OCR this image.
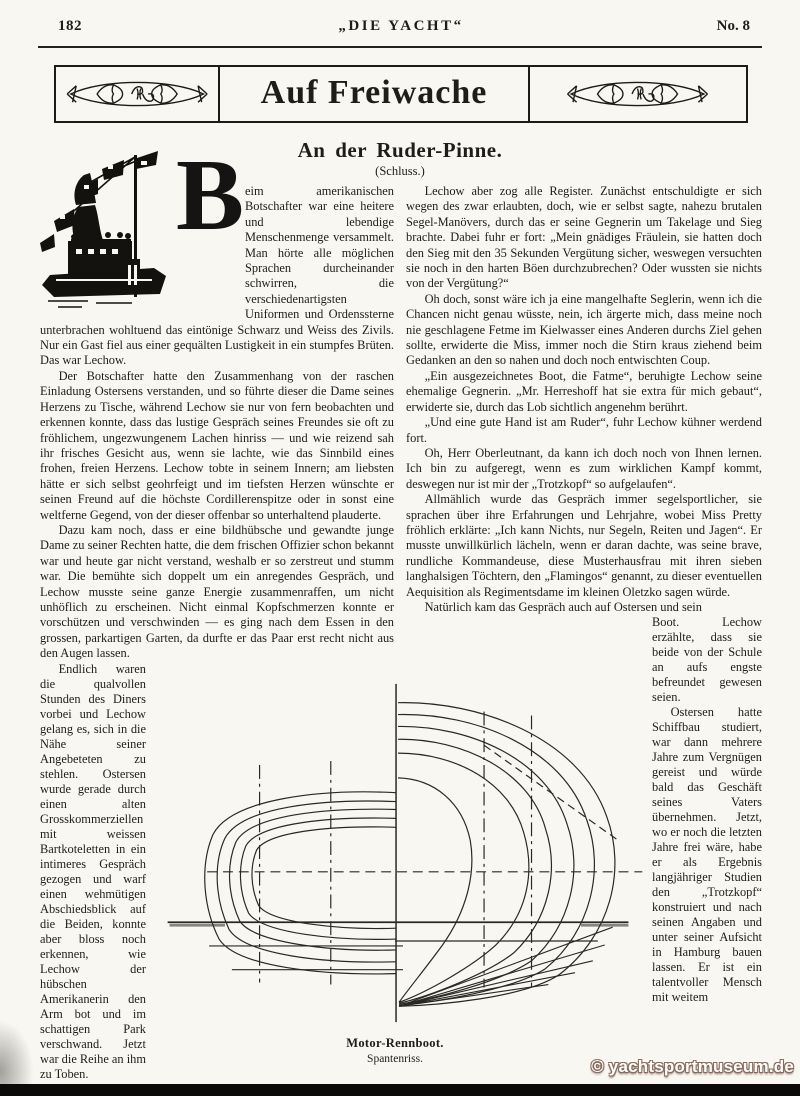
182	„DIE YACHT“	No. 8
Auf Freiwache
An der Ruder-Pinne.
(Schluss.)
B eim amerikanischen Botschafter war eine heitere und lebendige Menschenmenge versammelt. Man hörte alle möglichen Sprachen durcheinander schwirren, die verschiedenartigsten Uniformen und Ordenssterne unterbrachen wohltuend das eintönige Schwarz und Weiss des Zivils. Nur ein Gast fiel aus einer gequälten Lustigkeit in ein stumpfes Brüten. Das war Lechow.

Der Botschafter hatte den Zusammenhang von der raschen Einladung Ostersens verstanden, und so führte dieser die Dame seines Herzens zu Tische, während Lechow sie nur von fern beobachten und erkennen konnte, dass das lustige Gespräch seines Freundes sie oft zu fröhlichem, ungezwungenem Lachen hinriss — und wie reizend sah ihr frisches Gesicht aus, wenn sie lachte, wie das Sinnbild eines frohen, freien Herzens. Lechow tobte in seinem Innern; am liebsten hätte er sich selbst geohrfeigt und im tiefsten Herzen wünschte er seinen Freund auf die höchste Cordillerenspitze oder in sonst eine weltferne Gegend, von der dieser offenbar so unterhaltend plauderte.

Dazu kam noch, dass er eine bildhübsche und gewandte junge Dame zu seiner Rechten hatte, die dem frischen Offizier schon bekannt war und heute gar nicht verstand, weshalb er so zerstreut und stumm war. Die bemühte sich doppelt um ein anregendes Gespräch, und Lechow musste seine ganze Energie zusammenraffen, um nicht unhöflich zu erscheinen. Nicht einmal Kopfschmerzen konnte er vorschützen und verschwinden — es ging nach dem Essen in den grossen, parkartigen Garten, da durfte er das Paar erst recht nicht aus den Augen lassen.

Endlich waren die qualvollen Stunden des Diners vorbei und Lechow gelang es, sich in die Nähe seiner Angebeteten zu stehlen. Ostersen wurde gerade durch einen alten Grosskommerziellen mit weissen Bartkoteletten in ein intimeres Gespräch gezogen und warf einen wehmütigen Abschiedsblick auf die Beiden, konnte aber bloss noch erkennen, wie Lechow der hübschen Amerikanerin den Arm bot und im schattigen Park verschwand. Jetzt war die Reihe an ihm zu Toben.

Lechow aber zog alle Register. Zunächst entschuldigte er sich wegen des zwar erlaubten, doch, wie er selbst sagte, nahezu brutalen Segel-Manövers, durch das er seine Gegnerin um Takelage und Sieg brachte. Dabei fuhr er fort: „Mein gnädiges Fräulein, sie hatten doch den Sieg mit den 35 Sekunden Vergütung sicher, weswegen versuchten sie noch in den harten Böen durchzubrechen? Oder wussten sie nichts von der Vergütung?“

Oh doch, sonst wäre ich ja eine mangelhafte Seglerin, wenn ich die Chancen nicht genau wüsste, nein, ich ärgerte mich, dass meine noch nie geschlagene Fetme im Kielwasser eines Anderen durchs Ziel gehen sollte, erwiderte die Miss, immer noch die Stirn kraus ziehend beim Gedanken an den so nahen und doch noch entwischten Coup.

„Ein ausgezeichnetes Boot, die Fatme“, beruhigte Lechow seine ehemalige Gegnerin. „Mr. Herreshoff hat sie extra für mich gebaut“, erwiderte sie, durch das Lob sichtlich angenehm berührt.

„Und eine gute Hand ist am Ruder“, fuhr Lechow kühner werdend fort.

Oh, Herr Oberleutnant, da kann ich doch noch von Ihnen lernen. Ich bin zu aufgeregt, wenn es zum wirklichen Kampf kommt, deswegen nur ist mir der „Trotzkopf“ so aufgelaufen“.

Allmählich wurde das Gespräch immer segelsportlicher, sie sprachen über ihre Erfahrungen und Lehrjahre, wobei Miss Pretty fröhlich erklärte: „Ich kann Nichts, nur Segeln, Reiten und Jagen“. Er musste unwillkürlich lächeln, wenn er daran dachte, was seine brave, rundliche Kommandeuse, diese Musterhausfrau mit ihren sieben langhalsigen Töchtern, den „Flamingos“ genannt, zu dieser eventuellen Aequisition als Regimentsdame im kleinen Oletzko sagen würde.

Natürlich kam das Gespräch auch auf Ostersen und sein

Boot. Lechow erzählte, dass sie beide von der Schule an aufs engste befreundet gewesen seien.

Ostersen hatte Schiffbau studiert, war dann mehrere Jahre zum Vergnügen gereist und würde bald das Geschäft seines Vaters übernehmen. Jetzt, wo er noch die letzten Jahre frei wäre, habe er als Ergebnis langjähriger Studien den „Trotzkopf“ konstruiert und nach seinen Angaben und unter seiner Aufsicht in Hamburg bauen lassen. Er ist ein talentvoller Mensch mit weitem

Motor-Rennboot.
Spantenriss.	© yachtsportmuseum.de
